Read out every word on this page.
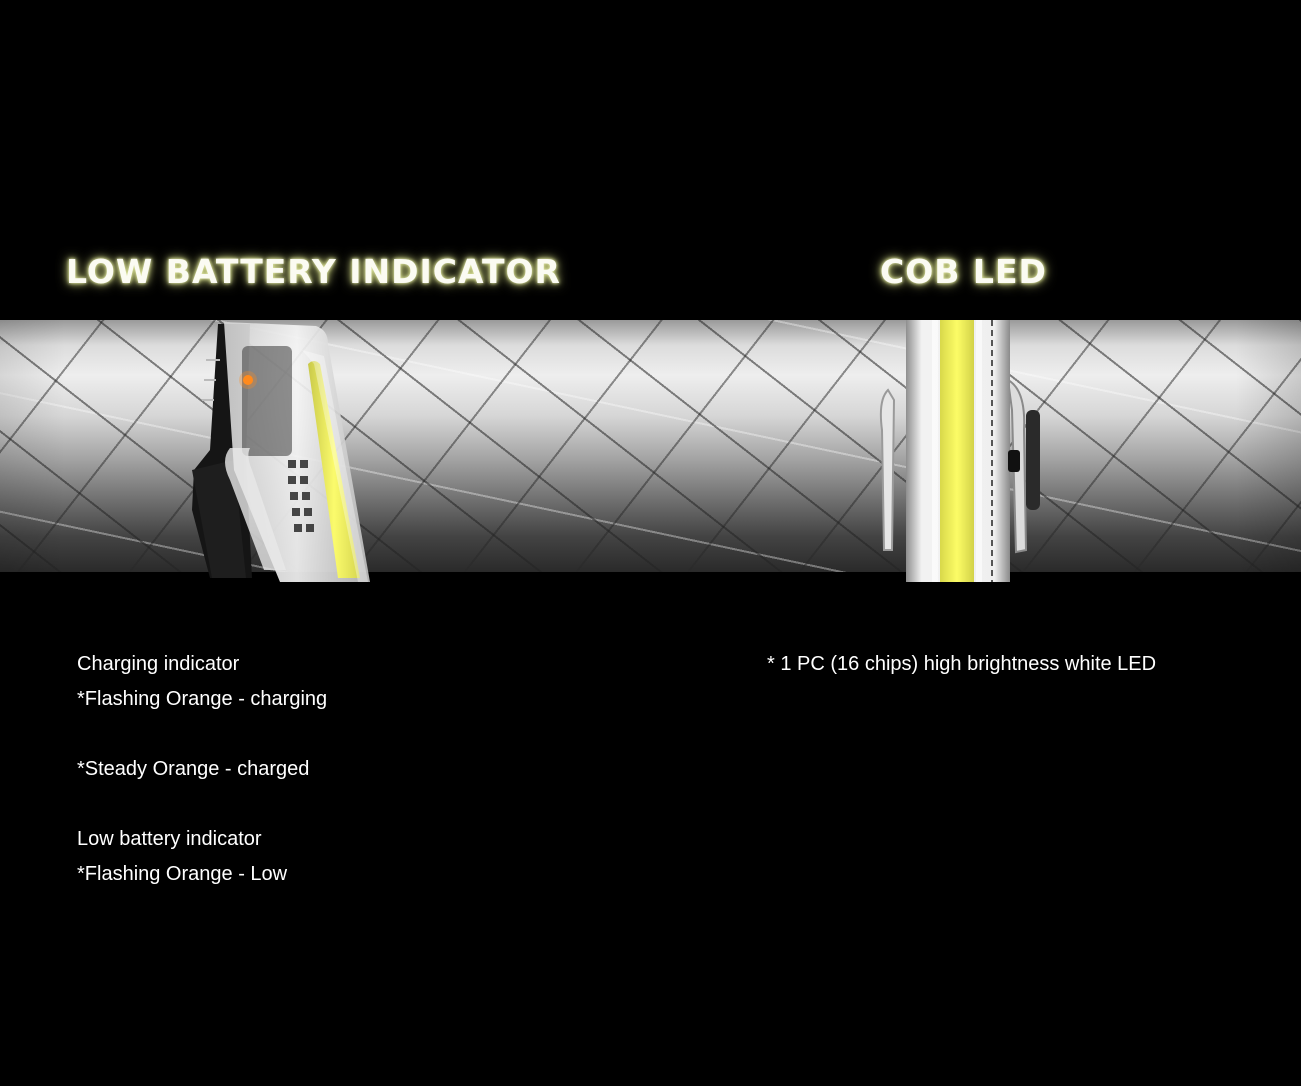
LOW BATTERY INDICATOR	COB LED

Charging indicator

*Flashing Orange - charging

*Steady Orange - charged

Low battery indicator

*Flashing Orange - Low

* 1 PC (16 chips) high brightness white LED
